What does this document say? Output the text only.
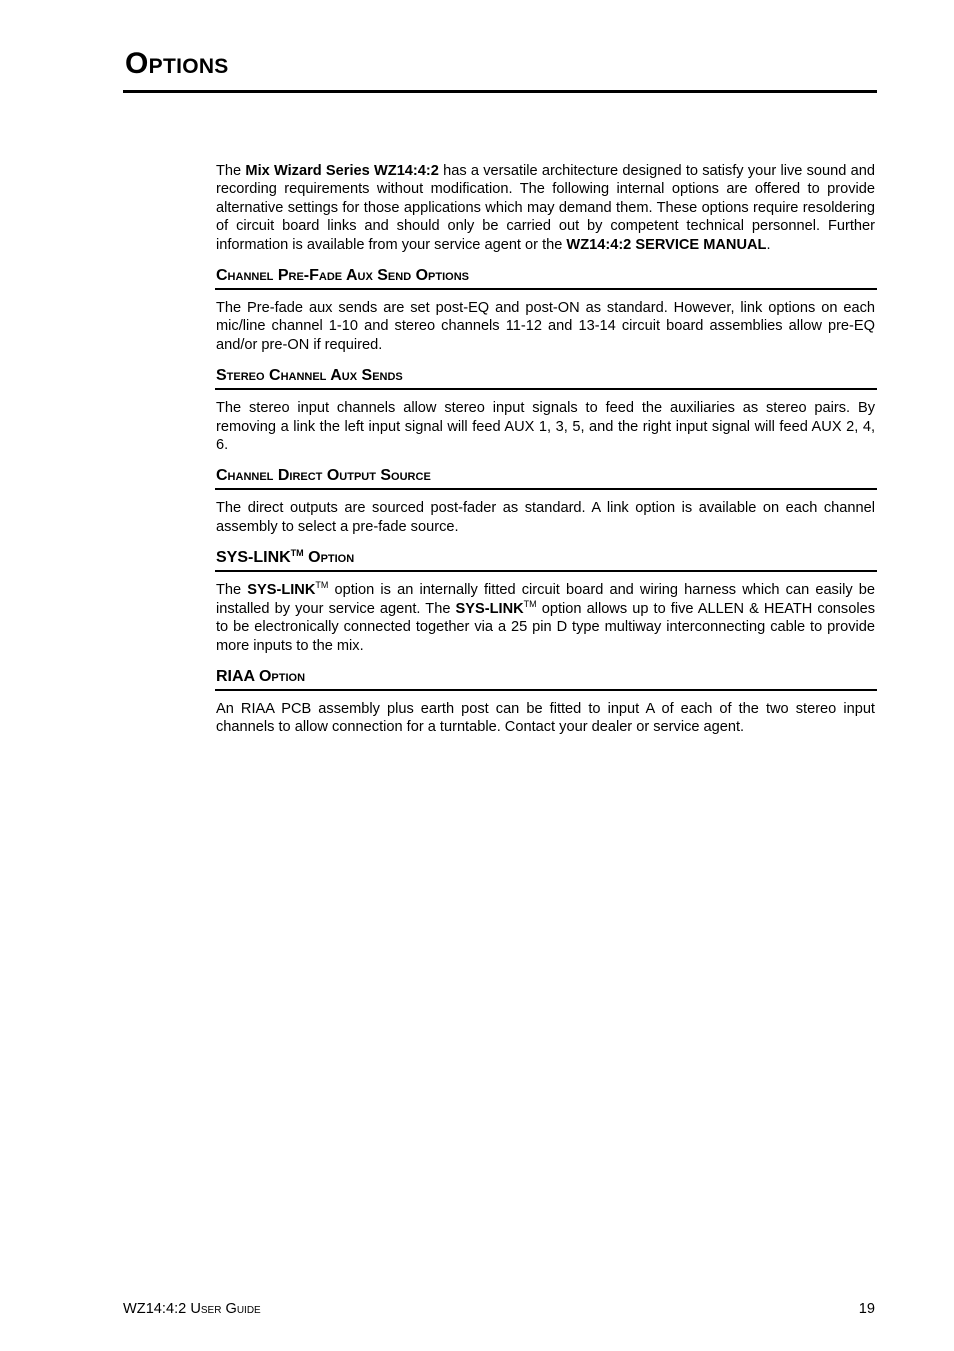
Options

The Mix Wizard Series WZ14:4:2 has a versatile architecture designed to satisfy your live sound and recording requirements without modification. The following internal options are offered to provide alternative settings for those applications which may demand them. These options require resoldering of circuit board links and should only be carried out by competent technical personnel. Further information is available from your service agent or the WZ14:4:2 SERVICE MANUAL.

Channel Pre-Fade Aux Send Options

The Pre-fade aux sends are set post-EQ and post-ON as standard. However, link options on each mic/line channel 1-10 and stereo channels 11-12 and 13-14 circuit board assemblies allow pre-EQ and/or pre-ON if required.

Stereo Channel Aux Sends

The stereo input channels allow stereo input signals to feed the auxiliaries as stereo pairs. By removing a link the left input signal will feed AUX 1, 3, 5, and the right input signal will feed AUX 2, 4, 6.

Channel Direct Output Source

The direct outputs are sourced post-fader as standard. A link option is available on each channel assembly to select a pre-fade source.

SYS-LINK™ Option

The SYS-LINK™ option is an internally fitted circuit board and wiring harness which can easily be installed by your service agent. The SYS-LINK™ option allows up to five ALLEN & HEATH consoles to be electronically connected together via a 25 pin D type multiway interconnecting cable to provide more inputs to the mix.

RIAA Option

An RIAA PCB assembly plus earth post can be fitted to input A of each of the two stereo input channels to allow connection for a turntable. Contact your dealer or service agent.

WZ14:4:2 User Guide	19
